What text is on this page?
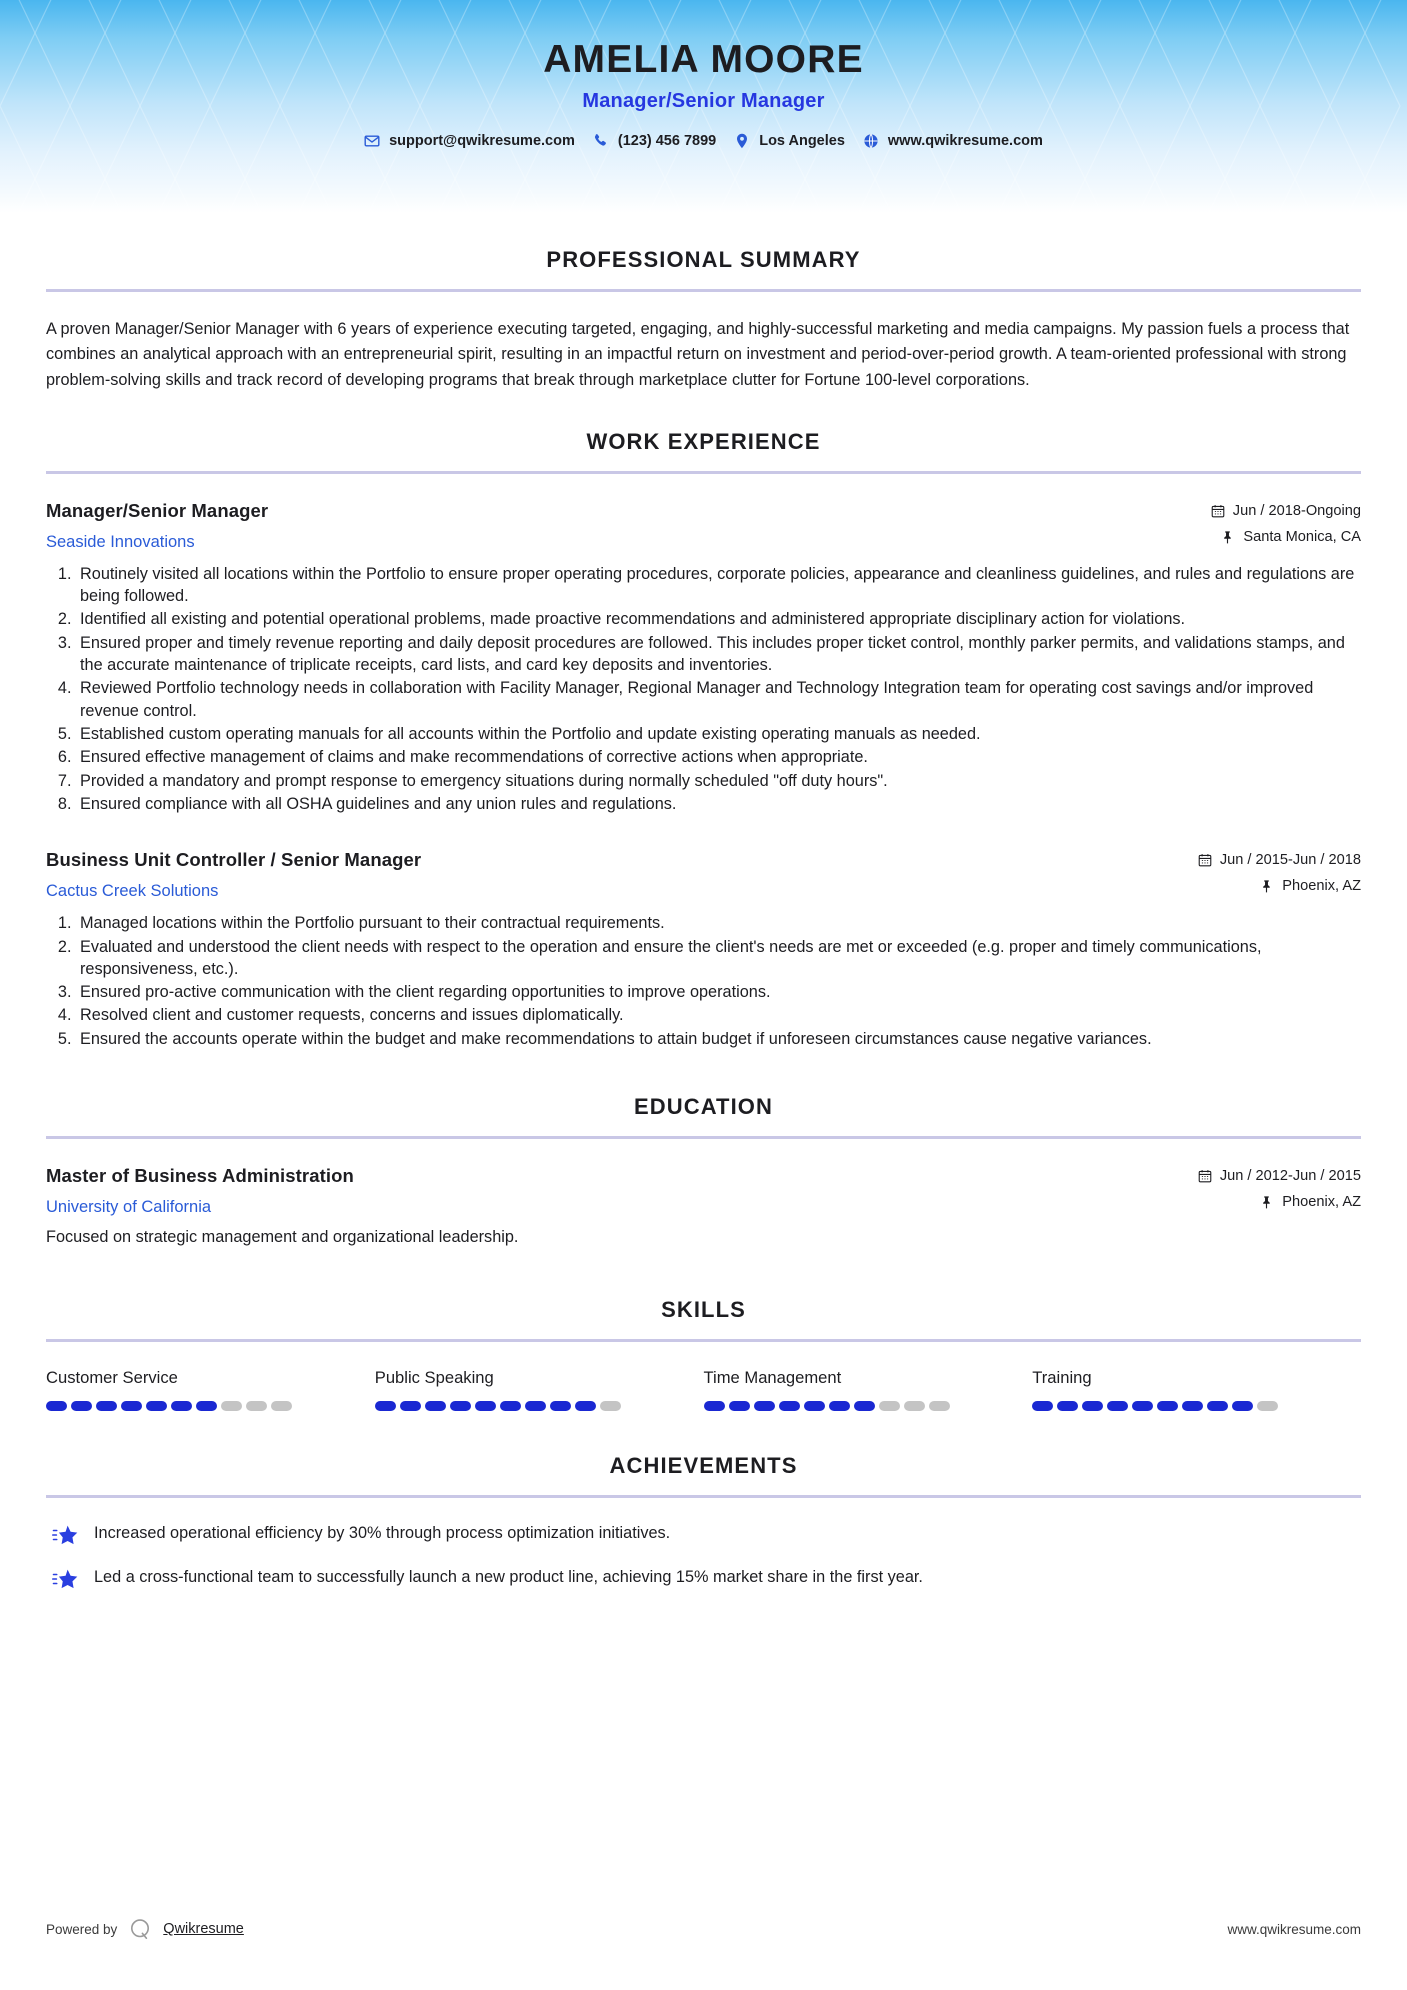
AMELIA MOORE
Manager/Senior Manager
support@qwikresume.com	(123) 456 7899	Los Angeles	www.qwikresume.com
PROFESSIONAL SUMMARY
A proven Manager/Senior Manager with 6 years of experience executing targeted, engaging, and highly-successful marketing and media campaigns. My passion fuels a process that combines an analytical approach with an entrepreneurial spirit, resulting in an impactful return on investment and period-over-period growth. A team-oriented professional with strong problem-solving skills and track record of developing programs that break through marketplace clutter for Fortune 100-level corporations.
WORK EXPERIENCE
Manager/Senior Manager
Seaside Innovations
Jun / 2018-Ongoing
Santa Monica, CA
1. Routinely visited all locations within the Portfolio to ensure proper operating procedures, corporate policies, appearance and cleanliness guidelines, and rules and regulations are being followed.
2. Identified all existing and potential operational problems, made proactive recommendations and administered appropriate disciplinary action for violations.
3. Ensured proper and timely revenue reporting and daily deposit procedures are followed. This includes proper ticket control, monthly parker permits, and validations stamps, and the accurate maintenance of triplicate receipts, card lists, and card key deposits and inventories.
4. Reviewed Portfolio technology needs in collaboration with Facility Manager, Regional Manager and Technology Integration team for operating cost savings and/or improved revenue control.
5. Established custom operating manuals for all accounts within the Portfolio and update existing operating manuals as needed.
6. Ensured effective management of claims and make recommendations of corrective actions when appropriate.
7. Provided a mandatory and prompt response to emergency situations during normally scheduled "off duty hours".
8. Ensured compliance with all OSHA guidelines and any union rules and regulations.
Business Unit Controller / Senior Manager
Cactus Creek Solutions
Jun / 2015-Jun / 2018
Phoenix, AZ
1. Managed locations within the Portfolio pursuant to their contractual requirements.
2. Evaluated and understood the client needs with respect to the operation and ensure the client's needs are met or exceeded (e.g. proper and timely communications, responsiveness, etc.).
3. Ensured pro-active communication with the client regarding opportunities to improve operations.
4. Resolved client and customer requests, concerns and issues diplomatically.
5. Ensured the accounts operate within the budget and make recommendations to attain budget if unforeseen circumstances cause negative variances.
EDUCATION
Master of Business Administration
University of California
Jun / 2012-Jun / 2015
Phoenix, AZ
Focused on strategic management and organizational leadership.
SKILLS
Customer Service	Public Speaking	Time Management	Training
ACHIEVEMENTS
Increased operational efficiency by 30% through process optimization initiatives.
Led a cross-functional team to successfully launch a new product line, achieving 15% market share in the first year.
Powered by	Qwikresume	www.qwikresume.com
